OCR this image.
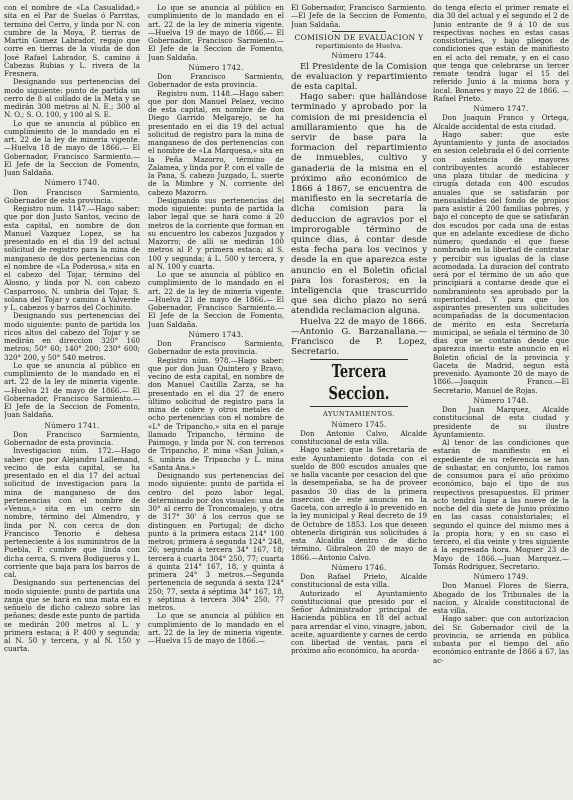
con el nombre de «La Casualidad,» sita en el Par de Suelas ó Parritas, termino del Cerro, y linda por N. con cumbre de la Moya, P. tierras de Martin Gomez Labrador, regajo que corre en tierras de la viuda de don José Rafael Labrador, S. camino á Cabezas Rubias y L. rivera de la Fresnera.

Designando sus pertenencias del modo siguiente: punto de partida un cerro de 8 al collado de la Meta y se medirán 300 metros al N. E.; 300 al N. O.; S. O. 100, y 100 al S. E.

Lo que se anuncia al público en cumplimiento de lo mandado en el art. 22 de la ley de mineria vigente. —Huelva 18 de mayo de 1866.— El Gobernador, Francisco Sarmiento.—El Jefe de la Seccion de Fomento, Juan Saldaña.

Número 1740.

Don Francisco Sarmiento, Gobernador de esta provincia.

Registro num. 1147.—Hago saber: que por don Justo Santos, vecino de esta capital, en nombre de don Manuel Vazquez Lopez, se ha presentado en el dia 19 del actual solicitud de registro para la mina de manganeso de dos pertenencias con el nombre de «La Poderosa,» sita en el cabezo del Tojar, término del Alosno, y linda por N. con cabezo Casparroso, N. umbria del Tojar, S. solana del Tojar y camino á Valverde y L. cabezos y barros del Cochinito.

Designando sus pertenencias del modo siguiente: punto de partida los ricos altos del cabezo del Tojar y se medirán en direccion 320° 160 metros; 50° 60; 140° 200; 230° 600; 320° 200, y 50° 540 metros.

Lo que se anuncia al público en cumplimiento de lo mandado en el art. 22 de la ley de mineria vigente. —Huelva 21 de mayo de 1866.— El Gobernador, Francisco Sarmiento.—El Jefe de la Seccion de Fomento, Juan Saldaña.

Número 1741.

Don Francisco Sarmiento, Gobernador de esta provincia.

Investigacion núm. 172.—Hago saber: que por Alejandro Lallemand, vecino de esta capital, se ha presentado en el dia 17 del actual solicitud de investigacion para la mina de manganeso de dos pertenencias con el nombre de «Venus,» sita en un cerro sin nombre, término del Almendro, y linda por N. con cerca de don Francisco Tenorio é dehesa perteneciente á los suministros de la Puebla, P. cumbre que linda con dicha cerca, S. rivera Bodigueros y L. corriente que baja para los barros de cal.

Designando sus pertenencias del modo siguiente: punto de partida una zanja que se hará en una mata en el señuelo de dicho cabezo sobre las peñones; desde este punto de partida se medirán 200 metros al L. y primera estaca; á P. 400 y segunda; al N. 50 y tercera, y al N. 150 y cuarta.

Lo que se anuncia al público en cumplimiento de lo mandado en el art. 22 de la ley de mineria vigente. —Huelva 19 de mayo de 1866.— El Gobernador, Francisco Sarmiento.—El Jefe de la Seccion de Fomento, Juan Saldaña.

Número 1742.

Don Francisco Sarmiento, Gobernador de esta provincia.

Registro num. 1148.—Hago saber: que por don Manuel Pelaez, vecino de esta capital, en nombre de don Diego Garrido Melgarejo, se ha presentado en el dia 19 del actual solicitud de registro para la mina de manganeso de dos pertenencias con el nombre de «La Marquesa,» sita en la Peña Mazorro, término de Zalamea, y linda por P. con el valle de la Pana, S. cabezo Juzgado, L. suerte de la Mimbre y N. corriente del cabezo Mazorro.

Designando sus pertenencias del modo siguiente: punto de partida la labor legal que se hará como á 20 metros de la corriente que forman en su encuentro los cabezos Juzgados y Mazorro; de allí se medirán 100 metros al P. y primera estaca; al S. 100 y segunda; á L. 500 y tercera, y al N. 100 y cuarta.

Lo que se anuncia al público en cumplimiento de lo mandado en el art. 22 de la ley de mineria vigente. —Huelva 21 de mayo de 1866.— El Gobernador, Francisco Sarmiento.—El Jefe de la Seccion de Fomento, Juan Saldaña.

Número 1743.

Don Francisco Sarmiento, Gobernador de esta provincia.

Registro núm. 978.—Hago saber: que por don Juan Quintero y Bravo, vecino de esta capital, en nombre de don Manuel Castilla Zarza, se ha presentado en el dia 27 de enero último solicitud de registro para la mina de cobre y otros metales de ocho pertenencias con el nombre de «L° de Tripancho,» sita en el paraje llamado Tripancho, término de Paimogo, y linda por N. con terrenos de Tripancho, P. mina «San Julian,» S. umbria de Tripancho y L. mina «Santa Ana.»

Designando sus pertenencias del modo siguiente: punto de partida el centro del pozo labor legal, determinado por dos visuales: una de 30° al cerro de Troncomalejo, y otra de 317° 30' á los cerros que se distinguen en Portugal; de dicho punto á la primera estaca 214° 100 metros; primera á segunda 124° 248, 26; segunda á tercera 34° 167, 18; tercera á cuarta 304° 250, 77; cuarta á quinta 214° 167, 18, y quinta á primera 24° 3 metros.—Segunda pertenencia de segunda á sexta 124° 250; 77, sexta á séptima 34° 167, 18, y séptima á tercera 304° 250, 77 metros.

Lo que se anuncia al público en cumplimiento de lo mandado en el art. 22 de la ley de mineria vigente. —Huelva 15 de mayo de 1866.—

El Gobernador, Francisco Sarmiento.—El Jefe de la Seccion de Fomento, Juan Saldaña.

COMISION DE EVALUACION Y
repartimiento de Huelva.
Número 1744.

El Presidente de la Comision de evaluacion y repartimiento de esta capital.

Hago saber: que hallándose terminado y aprobado por la comision de mi presidencia el amillaramiento que ha de servir de base para la formacion del repartimiento de inmuebles, cultivo y ganaderia de la misma en el próximo año económico de 1866 á 1867, se encuentra de manifiesto en la secretaría de dicha comision para la deduccion de agravios por el improrogable término de quince dias, á contar desde esta fecha para los vecinos y desde la en que aparezca este anuncio en el Boletin oficial para los forasteros; en la inteligencia que trascurrido que sea dicho plazo no será atendida reclamacion alguna.

Huelva 22 de mayo de 1866.—Antonio G. Barzanallana.—Francisco de P. Lopez, Secretario.

Tercera Seccion.
AYUNTAMIENTOS.
Número 1745.

Don Antonio Calvo, Alcalde constitucional de esta villa.

Hago saber: que la Secretaría de este Ayuntamiento dotada con el sueldo de 800 escudos anuales que se halla vacante por cesacion del que la desempeñaba, se ha de proveer pasados 30 dias de la primera insercion de este anuncio en la Gaceta, con arreglo á lo prevenido en la ley municipal y Real decreto de 19 de Octubre de 1853. Los que deseen obtenerla dirigirán sus solicitudes á esta Alcaldía dentro de dicho término. Gibraleon 20 de mayo de 1866.—Antonio Calvo.

Número 1746.

Don Rafael Prieto, Alcalde constitucional de esta villa.

Autorizado el Ayuntamiento constitucional que presido por el Señor Administrador principal de Hacienda pública en 18 del actual para arrendar el vino, vinagre, jabon, aceite, aguardiente y carnes de cerdo con libertad de ventas, para el próximo año económico, ha acorda-

do tenga efecto el primer remate el dia 30 del actual y el segundo el 2 de Junio entrante de 9 á 10 de sus respectivas noches en estas casas consistoriales, y bajo pliegos de condiciones que están de manifiesto en el acto del remate, y en el caso que tenga que celebrarse un tercer remate tendrá lugar el 15 del referido Junio á la misma hora y local. Bonares y mayo 22 de 1866. —Rafael Prieto.

Número 1747.

Don Joaquin Franco y Ortega, Alcalde accidental de esta ciudad.

Hago saber: que este Ayuntamiento y junta de asociados en sesion celebrada el 6 del corriente con asistencia de mayores contribuyentes acordó establecer una plaza titular de medicina y cirugía dotada con 400 escudos anuales que se satisfarán por mensualidades del fondo de propios para asistir á 200 familias pobres, y bajo el concepto de que se satisfarán dos escudos por cada una de estas que en adelante excediese de dicho número; quedando el que fuese nombrado en la libertad de contratar y percibir sus igualas de la clase acomodada. La duracion del contrato será por el término de un año que principiará a contarse desde que el nombramiento sea aprobado por la superioridad. Y para que los aspirantes presenten sus solicitudes acompañadas de la documentacion de mérito en esta Secretaría municipal, se señala el término de 30 dias que se contarán desde que aparezca inserto este anuncio en el Boletin oficial de la provincia y Gaceta de Madrid, segun está prevenido. Ayamonte 20 de mayo de 1866.—Joaquin Franco.—El Secretario, Manuel de Rojas.

Número 1748.

Don Juan Marquez, Alcalde constitucional de esta ciudad y presidente de su ilustre Ayuntamiento.

Al tenor de las condiciones que estarán de manifiesto en el expediente de su referencia se han de subastar, en conjunto, los ramos de consumos para el año próximo económico, bajo el tipo de sus respectivos presupuestos. El primer acto tendrá lugar a las nueve de la noche del dia siete de Junio próximo en las casas consistoriales; el segundo el quince del mismo mes á la propia hora; y en su caso el tercero, el dia veinte y tres siguiente á la espresada hora. Moguer 23 de Mayo de 1866.—Juan Marquez.—Tomás Rodriguez, Secretario.

Número 1749.

Don Manuel Flores de Sierra, Abogado de los Tribunales de la nacion, y Alcalde constitucional de esta villa.

Hago saber: que con autorizacion del Sr. Gobernador civil de la provincia, se arrienda en pública subasta por el tiempo del año económico entrante de 1866 á 67, las ac-
